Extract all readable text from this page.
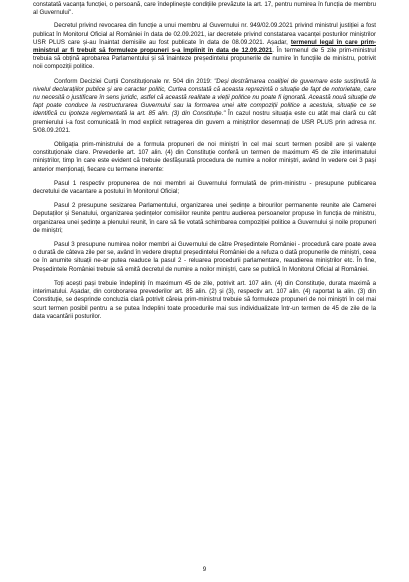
constatată vacanța funcției, o persoană, care îndeplinește condițiile prevăzute la art. 17, pentru numirea în funcția de membru al Guvernului".

Decretul privind revocarea din funcție a unui membru al Guvernului nr. 949/02.09.2021 privind ministrul justiției a fost publicat în Monitorul Oficial al României în data de 02.09.2021, iar decretele privind constatarea vacanței posturilor miniștrilor USR PLUS care și-au înaintat demisiile au fost publicate în data de 08.09.2021. Așadar, termenul legal în care prim-ministrul ar fi trebuit să formuleze propuneri s-a împlinit în data de 12.09.2021. În termenul de 5 zile prim-ministrul trebuia să obțină aprobarea Parlamentului și să înainteze președintelui propunerile de numire în funcțiile de ministru, potrivit noii compoziții politice.

Conform Deciziei Curții Constituționale nr. 504 din 2019: "Deși destrămarea coaliției de guvernare este susținută la nivelul declarațiilor publice și are caracter politic, Curtea constată că aceasta reprezintă o situație de fapt de notorietate, care nu necesită o justificare în sens juridic, astfel că această realitate a vieții politice nu poate fi ignorată. Această nouă situație de fapt poate conduce la restructurarea Guvernului sau la formarea unei alte compoziții politice a acestuia, situație ce se identifică cu ipoteza reglementată la art. 85 alin. (3) din Constituție." În cazul nostru situația este cu atât mai clară cu cât premierului i-a fost comunicată în mod explicit retragerea din guvern a miniștrilor desemnați de USR PLUS prin adresa nr. 5/08.09.2021.

Obligația prim-ministrului de a formula propuneri de noi miniștri în cel mai scurt termen posibil are și valențe constituționale clare. Prevederile art. 107 alin. (4) din Constituție conferă un termen de maximum 45 de zile interimatului miniștrilor, timp în care este evident că trebuie desfășurată procedura de numire a noilor miniștri, având în vedere cei 3 pași anterior menționați, fiecare cu termene inerente:

Pasul 1 respectiv propunerea de noi membri ai Guvernului formulată de prim-ministru - presupune publicarea decretului de vacantare a postului în Monitorul Oficial;

Pasul 2 presupune sesizarea Parlamentului, organizarea unei ședințe a birourilor permanente reunite ale Camerei Deputaților și Senatului, organizarea ședințelor comisiilor reunite pentru audierea persoanelor propuse în funcția de ministru, organizarea unei ședințe a plenului reunit, în care să fie votată schimbarea compoziției politice a Guvernului și noile propuneri de miniștri;

Pasul 3 presupune numirea noilor membri ai Guvernului de către Președintele României - procedură care poate avea o durată de câteva zile per se, având în vedere dreptul președintelui României de a refuza o dată propunerile de miniștri, ceea ce în anumite situații ne-ar putea readuce la pasul 2 - reluarea procedurii parlamentare, reaudierea miniștrilor etc. În fine, Președintele României trebuie să emită decretul de numire a noilor miniștri, care se publică în Monitorul Oficial al României.

Toți acești pași trebuie îndepliniți în maximum 45 de zile, potrivit art. 107 alin. (4) din Constituție, durata maximă a interimatului. Așadar, din coroborarea prevederilor art. 85 alin. (2) și (3), respectiv art. 107 alin. (4) raportat la alin. (3) din Constituție, se desprinde concluzia clară potrivit căreia prim-ministrul trebuie să formuleze propuneri de noi miniștri în cel mai scurt termen posibil pentru a se putea îndeplini toate procedurile mai sus individualizate într-un termen de 45 de zile de la data vacantării posturilor.

9
